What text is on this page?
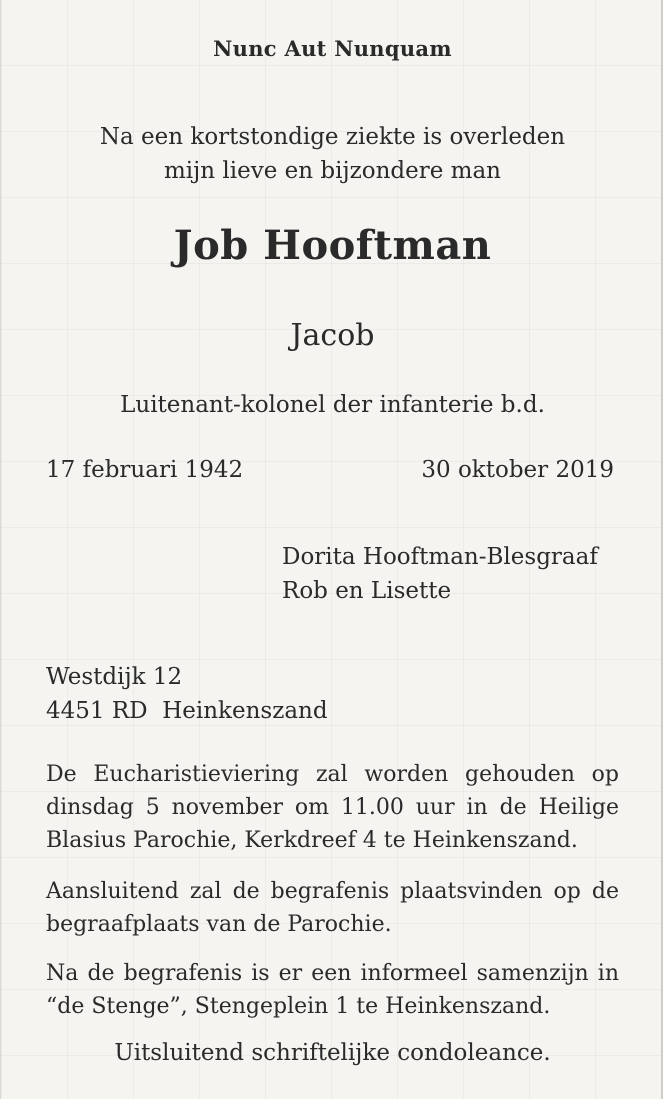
Nunc Aut Nunquam
Na een kortstondige ziekte is overleden
mijn lieve en bijzondere man
Job Hooftman
Jacob
Luitenant-kolonel der infanterie b.d.
17 februari 1942	30 oktober 2019
Dorita Hooftman-Blesgraaf
Rob en Lisette
Westdijk 12
4451 RD  Heinkenszand
De Eucharistieviering zal worden gehouden op dinsdag 5 november om 11.00 uur in de Heilige Blasius Parochie, Kerkdreef 4 te Heinkenszand.
Aansluitend zal de begrafenis plaatsvinden op de begraafplaats van de Parochie.
Na de begrafenis is er een informeel samenzijn in “de Stenge”, Stengeplein 1 te Heinkenszand.
Uitsluitend schriftelijke condoleance.
